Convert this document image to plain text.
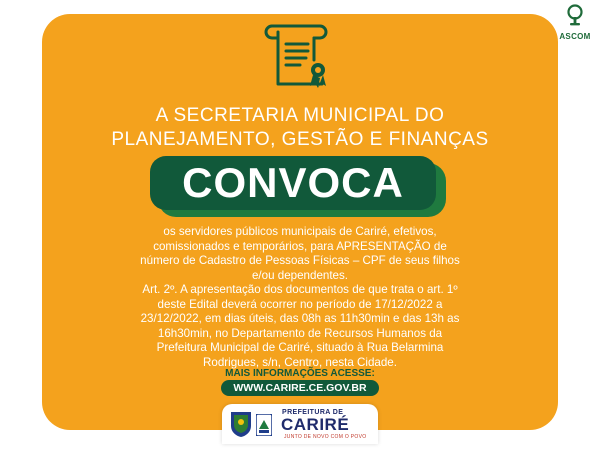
ASCOM
A SECRETARIA MUNICIPAL DO
PLANEJAMENTO, GESTÃO E FINANÇAS
CONVOCA
os servidores públicos municipais de Cariré, efetivos,
comissionados e temporários, para APRESENTAÇÃO de
número de Cadastro de Pessoas Físicas – CPF de seus filhos
e/ou dependentes.
Art. 2º. A apresentação dos documentos de que trata o art. 1º
deste Edital deverá ocorrer no período de 17/12/2022 a
23/12/2022, em dias úteis, das 08h as 11h30min e das 13h as
16h30min, no Departamento de Recursos Humanos da
Prefeitura Municipal de Cariré, situado à Rua Belarmina
Rodrigues, s/n, Centro, nesta Cidade.
MAIS INFORMAÇÕES ACESSE:
WWW.CARIRE.CE.GOV.BR
PREFEITURA DE
CARIRÉ
JUNTO DE NOVO COM O POVO
